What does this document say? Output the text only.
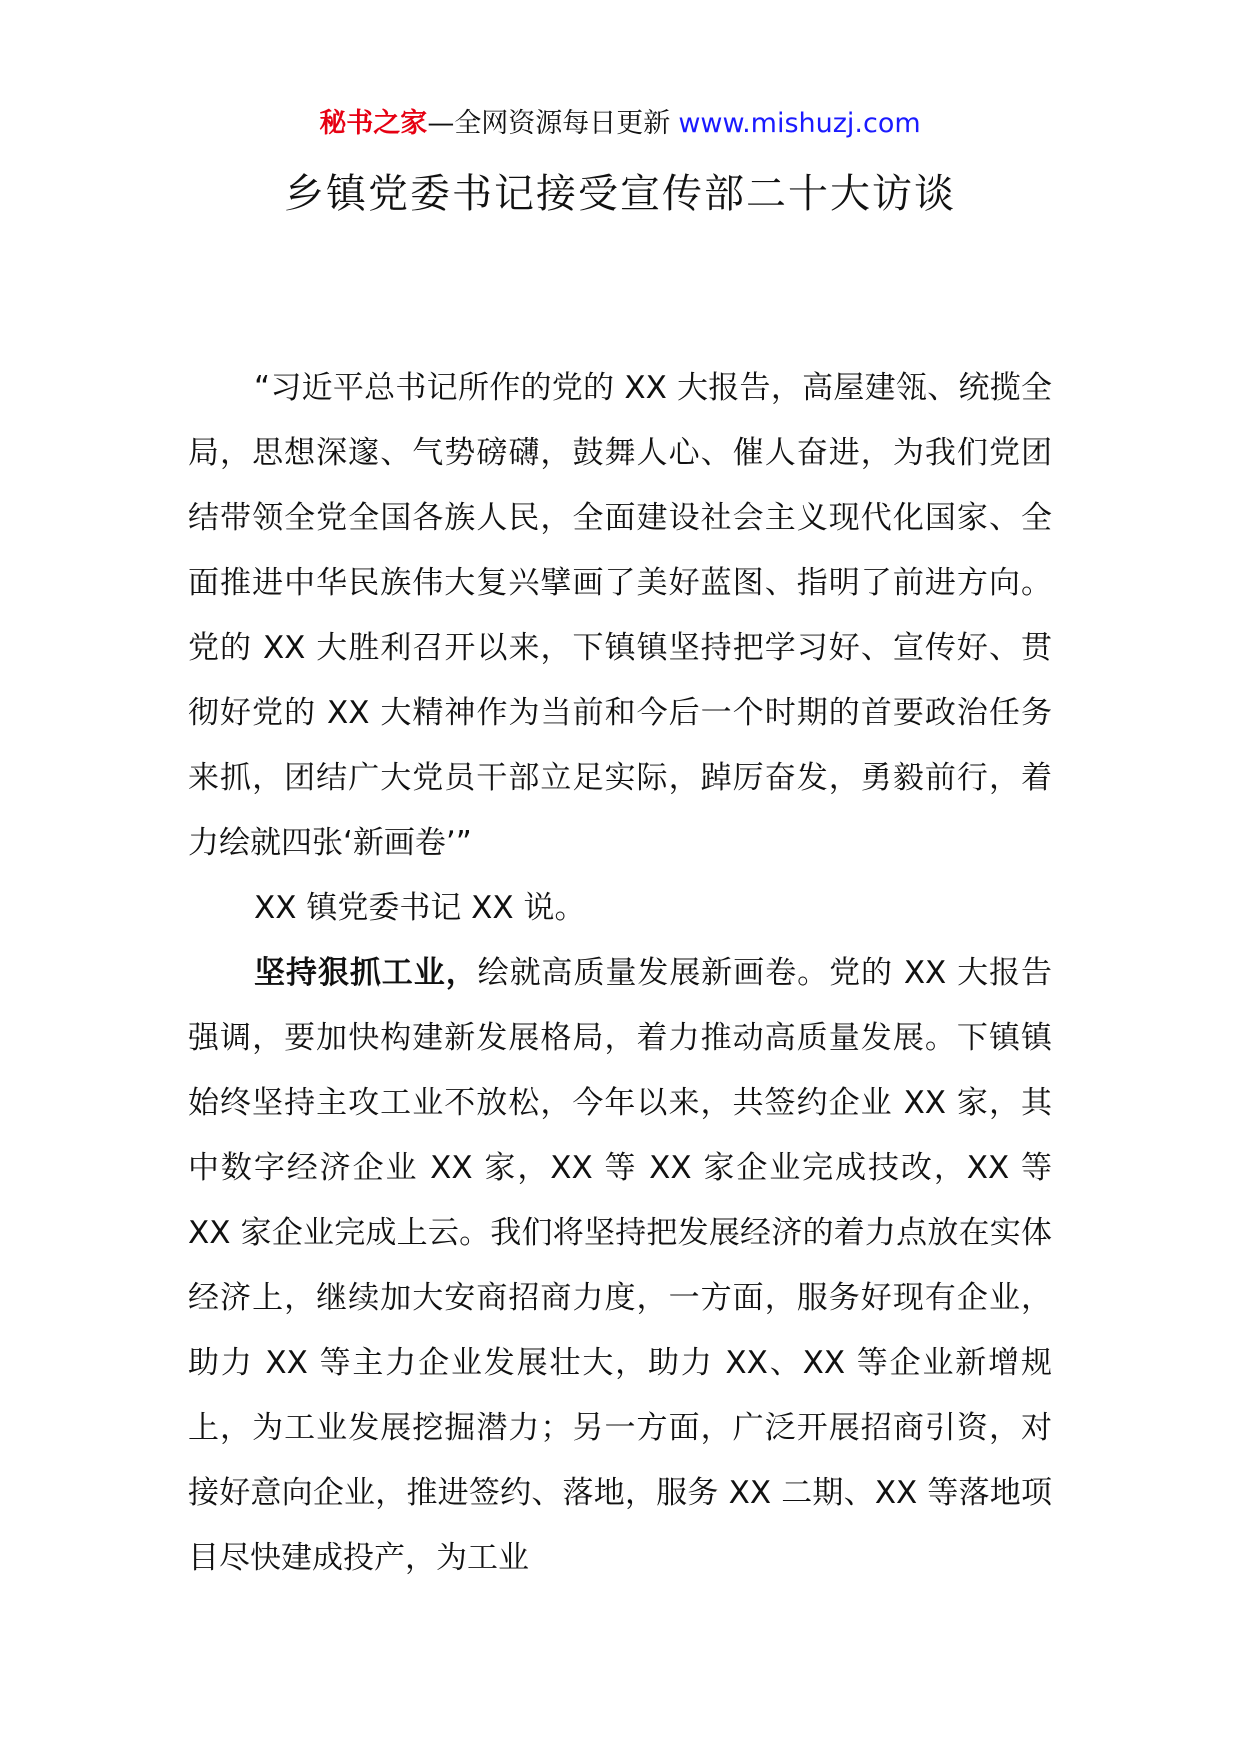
秘书之家—全网资源每日更新 www.mishuzj.com
乡镇党委书记接受宣传部二十大访谈

“习近平总书记所作的党的 XX 大报告，高屋建瓴、统揽全局，思想深邃、气势磅礴，鼓舞人心、催人奋进，为我们党团结带领全党全国各族人民，全面建设社会主义现代化国家、全面推进中华民族伟大复兴擘画了美好蓝图、指明了前进方向。党的 XX 大胜利召开以来，下镇镇坚持把学习好、宣传好、贯彻好党的 XX 大精神作为当前和今后一个时期的首要政治任务来抓，团结广大党员干部立足实际，踔厉奋发，勇毅前行，着力绘就四张‘新画卷’”

XX 镇党委书记 XX 说。

坚持狠抓工业，绘就高质量发展新画卷。党的 XX 大报告强调，要加快构建新发展格局，着力推动高质量发展。下镇镇始终坚持主攻工业不放松，今年以来，共签约企业 XX 家，其中数字经济企业 XX 家，XX 等 XX 家企业完成技改，XX 等 XX 家企业完成上云。我们将坚持把发展经济的着力点放在实体经济上，继续加大安商招商力度，一方面，服务好现有企业，助力 XX 等主力企业发展壮大，助力 XX、XX 等企业新增规上，为工业发展挖掘潜力；另一方面，广泛开展招商引资，对接好意向企业，推进签约、落地，服务 XX 二期、XX 等落地项目尽快建成投产，为工业
